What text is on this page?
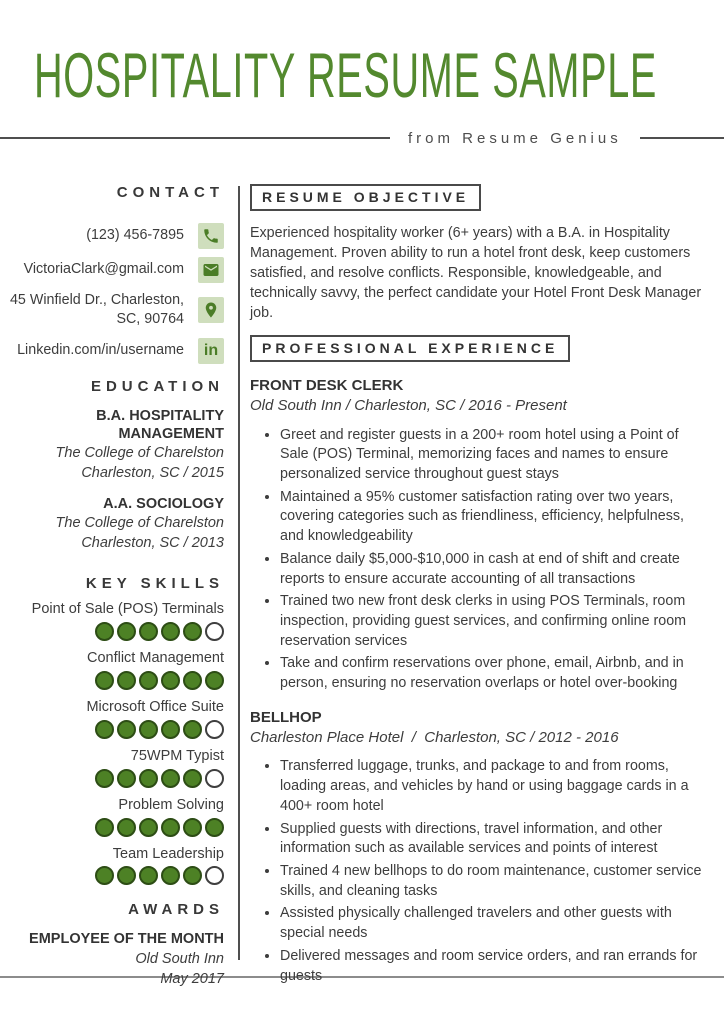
HOSPITALITY RESUME SAMPLE
from Resume Genius
CONTACT
(123) 456-7895
VictoriaClark@gmail.com
45 Winfield Dr., Charleston,
SC, 90764
Linkedin.com/in/username in
EDUCATION
B.A. HOSPITALITY MANAGEMENT
The College of Charelston
Charleston, SC / 2015
A.A. SOCIOLOGY
The College of Charelston
Charleston, SC / 2013
KEY SKILLS
Point of Sale (POS) Terminals
Conflict Management
Microsoft Office Suite
75WPM Typist
Problem Solving
Team Leadership
AWARDS
EMPLOYEE OF THE MONTH
Old South Inn
May 2017
RESUME OBJECTIVE

Experienced hospitality worker (6+ years) with a B.A. in Hospitality Management. Proven ability to run a hotel front desk, keep customers satisfied, and resolve conflicts. Responsible, knowledgeable, and technically savvy, the perfect candidate your Hotel Front Desk Manager job.

PROFESSIONAL EXPERIENCE
FRONT DESK CLERK
Old South Inn / Charleston, SC / 2016 - Present
• Greet and register guests in a 200+ room hotel using a Point of Sale (POS) Terminal, memorizing faces and names to ensure personalized service throughout guest stays
• Maintained a 95% customer satisfaction rating over two years, covering categories such as friendliness, efficiency, helpfulness, and knowledgeability
• Balance daily $5,000-$10,000 in cash at end of shift and create reports to ensure accurate accounting of all transactions
• Trained two new front desk clerks in using POS Terminals, room inspection, providing guest services, and confirming online room reservation services
• Take and confirm reservations over phone, email, Airbnb, and in person, ensuring no reservation overlaps or hotel over-booking
BELLHOP
Charleston Place Hotel  /  Charleston, SC / 2012 - 2016
• Transferred luggage, trunks, and package to and from rooms, loading areas, and vehicles by hand or using baggage cards in a 400+ room hotel
• Supplied guests with directions, travel information, and other information such as available services and points of interest
• Trained 4 new bellhops to do room maintenance, customer service skills, and cleaning tasks
• Assisted physically challenged travelers and other guests with special needs
• Delivered messages and room service orders, and ran errands for guests
